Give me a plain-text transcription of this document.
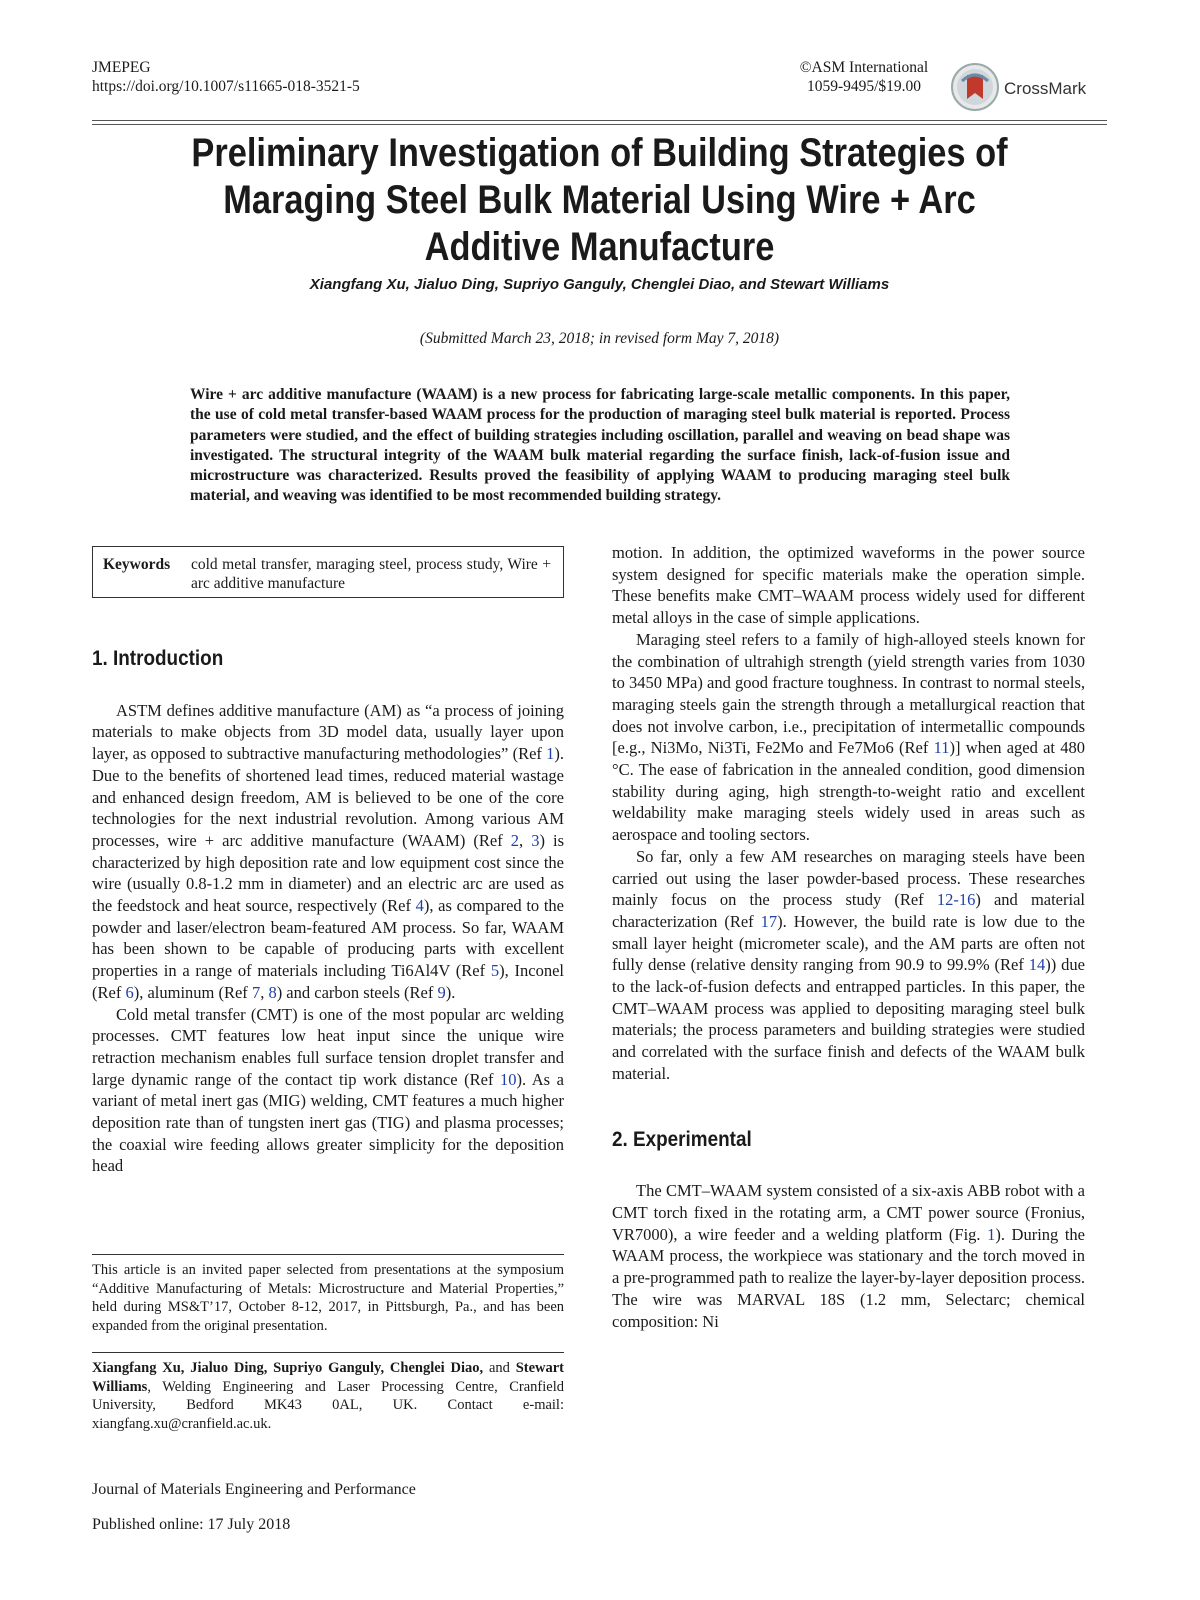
JMEPEG
https://doi.org/10.1007/s11665-018-3521-5
©ASM International
1059-9495/$19.00	CrossMark
Preliminary Investigation of Building Strategies of Maraging Steel Bulk Material Using Wire + Arc Additive Manufacture
Xiangfang Xu, Jialuo Ding, Supriyo Ganguly, Chenglei Diao, and Stewart Williams
(Submitted March 23, 2018; in revised form May 7, 2018)

Wire + arc additive manufacture (WAAM) is a new process for fabricating large-scale metallic components. In this paper, the use of cold metal transfer-based WAAM process for the production of maraging steel bulk material is reported. Process parameters were studied, and the effect of building strategies including oscillation, parallel and weaving on bead shape was investigated. The structural integrity of the WAAM bulk material regarding the surface finish, lack-of-fusion issue and microstructure was characterized. Results proved the feasibility of applying WAAM to producing maraging steel bulk material, and weaving was identified to be most recommended building strategy.

Keywords cold metal transfer, maraging steel, process study, Wire + arc additive manufacture
1. Introduction

ASTM defines additive manufacture (AM) as “a process of joining materials to make objects from 3D model data, usually layer upon layer, as opposed to subtractive manufacturing methodologies” (Ref 1). Due to the benefits of shortened lead times, reduced material wastage and enhanced design freedom, AM is believed to be one of the core technologies for the next industrial revolution. Among various AM processes, wire + arc additive manufacture (WAAM) (Ref 2, 3) is characterized by high deposition rate and low equipment cost since the wire (usually 0.8-1.2 mm in diameter) and an electric arc are used as the feedstock and heat source, respectively (Ref 4), as compared to the powder and laser/electron beam-featured AM process. So far, WAAM has been shown to be capable of producing parts with excellent properties in a range of materials including Ti6Al4V (Ref 5), Inconel (Ref 6), aluminum (Ref 7, 8) and carbon steels (Ref 9).

Cold metal transfer (CMT) is one of the most popular arc welding processes. CMT features low heat input since the unique wire retraction mechanism enables full surface tension droplet transfer and large dynamic range of the contact tip work distance (Ref 10). As a variant of metal inert gas (MIG) welding, CMT features a much higher deposition rate than of tungsten inert gas (TIG) and plasma processes; the coaxial wire feeding allows greater simplicity for the deposition head

motion. In addition, the optimized waveforms in the power source system designed for specific materials make the operation simple. These benefits make CMT–WAAM process widely used for different metal alloys in the case of simple applications.

Maraging steel refers to a family of high-alloyed steels known for the combination of ultrahigh strength (yield strength varies from 1030 to 3450 MPa) and good fracture toughness. In contrast to normal steels, maraging steels gain the strength through a metallurgical reaction that does not involve carbon, i.e., precipitation of intermetallic compounds [e.g., Ni3Mo, Ni3Ti, Fe2Mo and Fe7Mo6 (Ref 11)] when aged at 480 °C. The ease of fabrication in the annealed condition, good dimension stability during aging, high strength-to-weight ratio and excellent weldability make maraging steels widely used in areas such as aerospace and tooling sectors.

So far, only a few AM researches on maraging steels have been carried out using the laser powder-based process. These researches mainly focus on the process study (Ref 12-16) and material characterization (Ref 17). However, the build rate is low due to the small layer height (micrometer scale), and the AM parts are often not fully dense (relative density ranging from 90.9 to 99.9% (Ref 14)) due to the lack-of-fusion defects and entrapped particles. In this paper, the CMT–WAAM process was applied to depositing maraging steel bulk materials; the process parameters and building strategies were studied and correlated with the surface finish and defects of the WAAM bulk material.

2. Experimental

The CMT–WAAM system consisted of a six-axis ABB robot with a CMT torch fixed in the rotating arm, a CMT power source (Fronius, VR7000), a wire feeder and a welding platform (Fig. 1). During the WAAM process, the workpiece was stationary and the torch moved in a pre-programmed path to realize the layer-by-layer deposition process. The wire was MARVAL 18S (1.2 mm, Selectarc; chemical composition: Ni

This article is an invited paper selected from presentations at the symposium “Additive Manufacturing of Metals: Microstructure and Material Properties,” held during MS&T’17, October 8-12, 2017, in Pittsburgh, Pa., and has been expanded from the original presentation.
Xiangfang Xu, Jialuo Ding, Supriyo Ganguly, Chenglei Diao, and Stewart Williams, Welding Engineering and Laser Processing Centre, Cranfield University, Bedford MK43 0AL, UK. Contact e-mail: xiangfang.xu@cranfield.ac.uk.
Journal of Materials Engineering and Performance
Published online: 17 July 2018
